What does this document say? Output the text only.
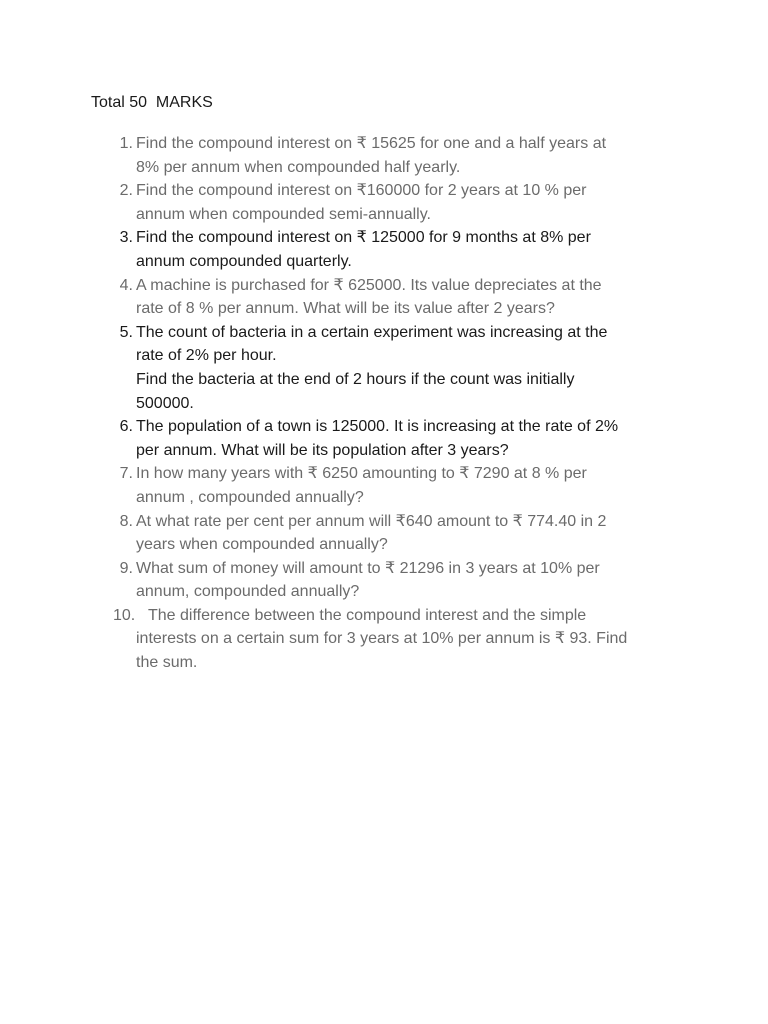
Total 50  MARKS
1. Find the compound interest on ₹ 15625 for one and a half years at
8% per annum when compounded half yearly.
2. Find the compound interest on ₹160000 for 2 years at 10 % per
annum when compounded semi-annually.
3. Find the compound interest on ₹ 125000 for 9 months at 8% per
annum compounded quarterly.
4. A machine is purchased for ₹ 625000. Its value depreciates at the
rate of 8 % per annum. What will be its value after 2 years?
5. The count of bacteria in a certain experiment was increasing at the
rate of 2% per hour.
Find the bacteria at the end of 2 hours if the count was initially
500000.
6. The population of a town is 125000. It is increasing at the rate of 2%
per annum. What will be its population after 3 years?
7. In how many years with ₹ 6250 amounting to ₹ 7290 at 8 % per
annum , compounded annually?
8. At what rate per cent per annum will ₹640 amount to ₹ 774.40 in 2
years when compounded annually?
9. What sum of money will amount to ₹ 21296 in 3 years at 10% per
annum, compounded annually?
10. The difference between the compound interest and the simple
interests on a certain sum for 3 years at 10% per annum is ₹ 93. Find
the sum.
